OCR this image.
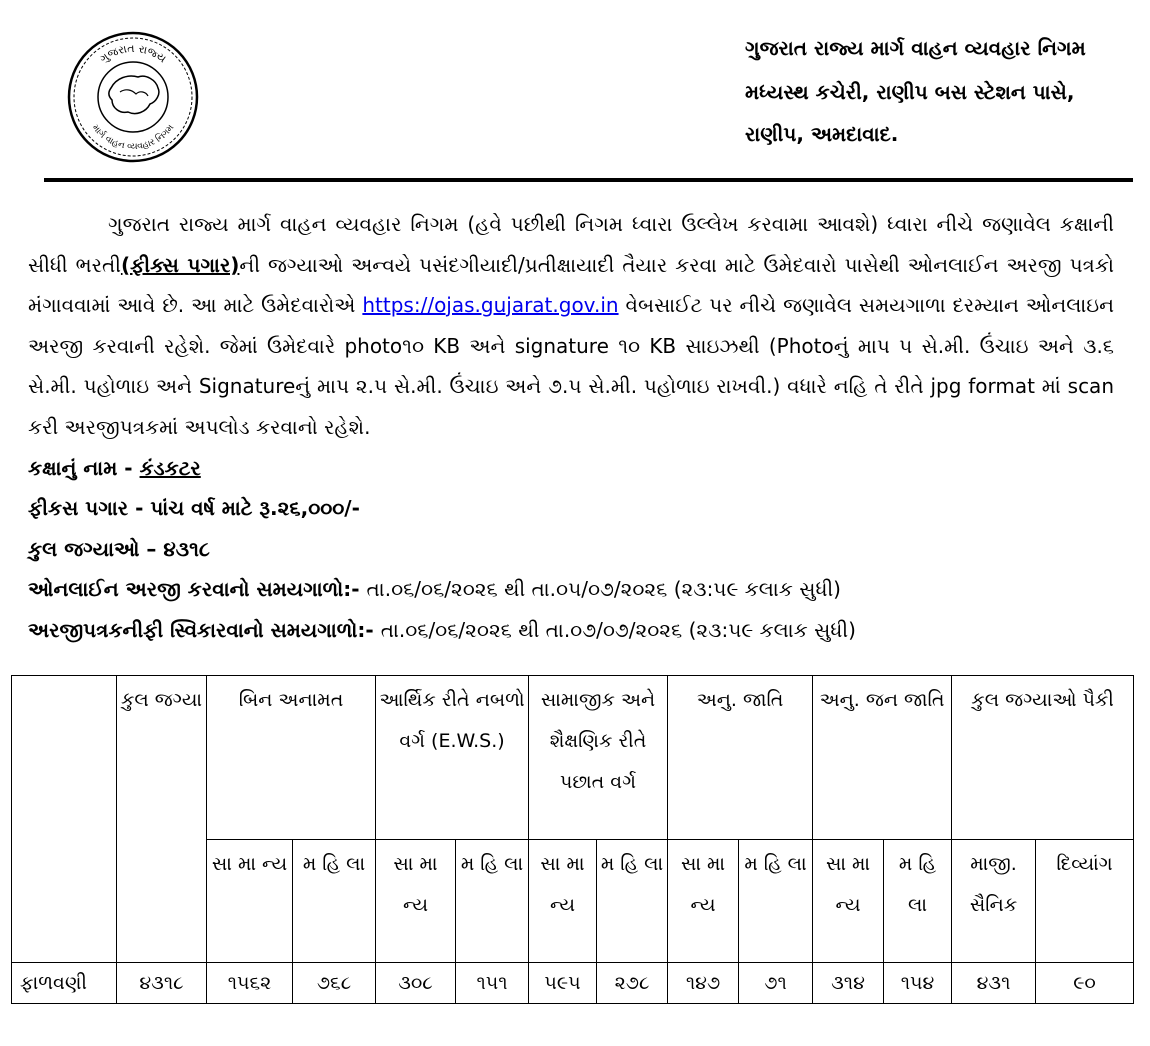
ગુજરાત રાજ્ય
માર્ગ વાહન વ્યવહાર નિગમ
ગુજરાત રાજ્ય માર્ગ વાહન વ્યવહાર નિગમ
મધ્યસ્થ કચેરી, રાણીપ બસ સ્ટેશન પાસે,
રાણીપ, અમદાવાદ.
ગુજરાત રાજ્ય માર્ગ વાહન વ્યવહાર નિગમ (હવે પછીથી નિગમ ધ્વારા ઉલ્લેખ કરવામા આવશે) ધ્વારા નીચે જણાવેલ કક્ષાની સીધી ભરતી(ફીક્સ પગાર)ની જગ્યાઓ અન્વયે પસંદગીયાદી/પ્રતીક્ષાયાદી તૈયાર કરવા માટે ઉમેદવારો પાસેથી ઓનલાઈન અરજી પત્રકો મંગાવવામાં આવે છે. આ માટે ઉમેદવારોએ https://ojas.gujarat.gov.in વેબસાઈટ પર નીચે જણાવેલ સમયગાળા દરમ્યાન ઓનલાઇન અરજી કરવાની રહેશે. જેમાં ઉમેદવારે photo૧૦ KB અને signature ૧૦ KB સાઇઝથી (Photoનું માપ ૫ સે.મી. ઉંચાઇ અને ૩.૬ સે.મી. પહોળાઇ અને Signatureનું માપ ૨.૫ સે.મી. ઉંચાઇ અને ૭.૫ સે.મી. પહોળાઇ રાખવી.) વધારે નહિ તે રીતે jpg format માં scan કરી અરજીપત્રકમાં અપલોડ કરવાનો રહેશે.
કક્ષાનું નામ - કંડકટર
ફીકસ પગાર - પાંચ વર્ષ માટે રૂ.૨૬,૦૦૦/-
કુલ જગ્યાઓ – ૪૩૧૮
ઓનલાઈન અરજી કરવાનો સમયગાળો:- તા.૦૬/૦૬/૨૦૨૬ થી તા.૦૫/૦૭/૨૦૨૬ (૨૩:૫૯ કલાક સુધી)
અરજીપત્રકનીફી સ્વિકારવાનો સમયગાળો:- તા.૦૬/૦૬/૨૦૨૬ થી તા.૦૭/૦૭/૨૦૨૬ (૨૩:૫૯ કલાક સુધી)
	કુલ જગ્યા	બિન અનામત		આર્થિક રીતે નબળો વર્ગ (E.W.S.)		સામાજીક અને શૈક્ષણિક રીતે પછાત વર્ગ		અનુ. જાતિ		અનુ. જન જાતિ		કુલ જગ્યાઓ પૈકી	
		સા મા ન્ય	મ હિ લા	સા મા ન્ય	મ હિ લા	સા મા ન્ય	મ હિ લા	સા મા ન્ય	મ હિ લા	સા મા ન્ય	મ હિ લા	માજી. સૈનિક	દિવ્યાંગ
ફાળવણી	૪૩૧૮	૧૫૬૨	૭૬૮	૩૦૮	૧૫૧	૫૯૫	૨૭૮	૧૪૭	૭૧	૩૧૪	૧૫૪	૪૩૧	૯૦
